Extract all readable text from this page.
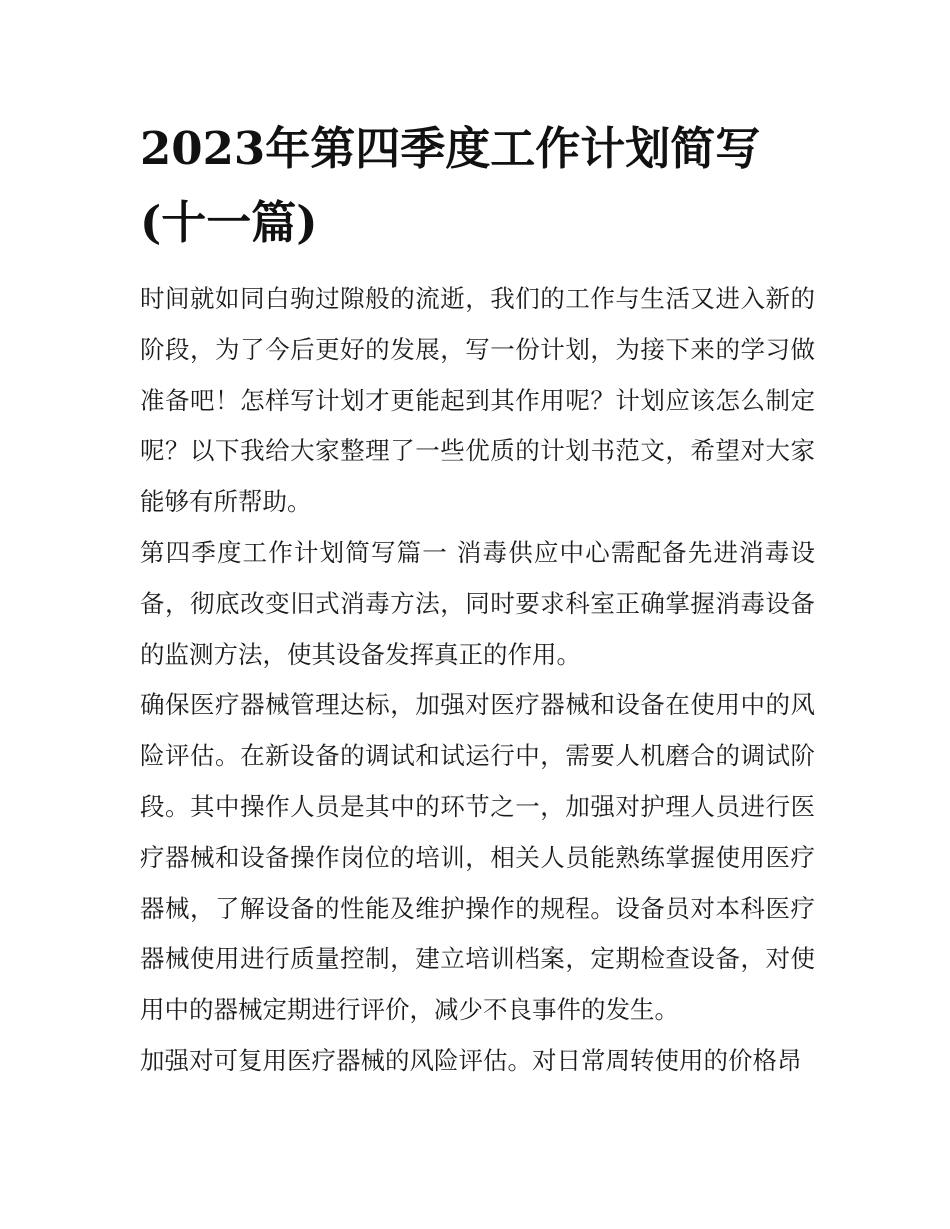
2023年第四季度工作计划简写(十一篇)

时间就如同白驹过隙般的流逝，我们的工作与生活又进入新的阶段，为了今后更好的发展，写一份计划，为接下来的学习做准备吧！怎样写计划才更能起到其作用呢？计划应该怎么制定呢？以下我给大家整理了一些优质的计划书范文，希望对大家能够有所帮助。

第四季度工作计划简写篇一 消毒供应中心需配备先进消毒设备，彻底改变旧式消毒方法，同时要求科室正确掌握消毒设备的监测方法，使其设备发挥真正的作用。

确保医疗器械管理达标，加强对医疗器械和设备在使用中的风险评估。在新设备的调试和试运行中，需要人机磨合的调试阶段。其中操作人员是其中的环节之一，加强对护理人员进行医疗器械和设备操作岗位的培训，相关人员能熟练掌握使用医疗器械，了解设备的性能及维护操作的规程。设备员对本科医疗器械使用进行质量控制，建立培训档案，定期检查设备，对使用中的器械定期进行评价，减少不良事件的发生。

加强对可复用医疗器械的风险评估。对日常周转使用的价格昂
